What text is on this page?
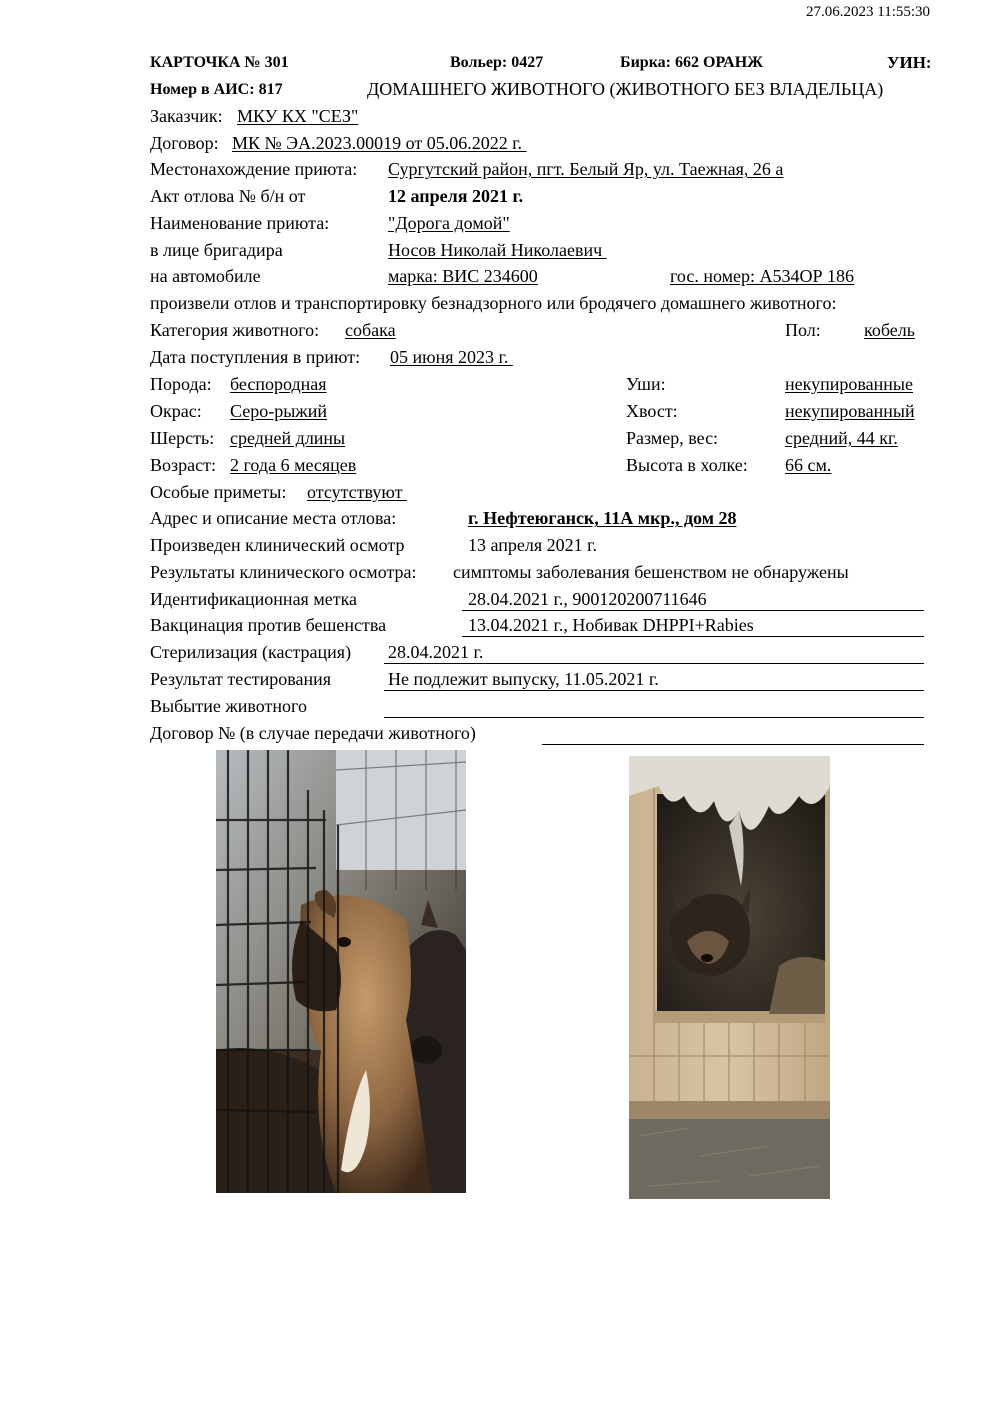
27.06.2023 11:55:30
КАРТОЧКА № 301	Вольер: 0427	Бирка: 662 ОРАНЖ	УИН:
Номер в АИС: 817	ДОМАШНЕГО ЖИВОТНОГО (ЖИВОТНОГО БЕЗ ВЛАДЕЛЬЦА)
Заказчик: МКУ КХ "СЕЗ"
Договор: МК № ЭА.2023.00019 от 05.06.2022 г.
Местонахождение приюта: Сургутский район, пгт. Белый Яр, ул. Таежная, 26 а
Акт отлова № б/н от	12 апреля 2021 г.
Наименование приюта:	"Дорога домой"
в лице бригадира	Носов Николай Николаевич
на автомобиле	марка: ВИС 234600	гос. номер: А534ОР 186
произвели отлов и транспортировку безнадзорного или бродячего домашнего животного:
Категория животного: собака	Пол: кобель
Дата поступления в приют: 05 июня 2023 г.
Порода: беспородная	Уши:	некупированные
Окрас: Серо-рыжий	Хвост:	некупированный
Шерсть: средней длины	Размер, вес:	средний, 44 кг.
Возраст: 2 года 6 месяцев	Высота в холке: 66 см.
Особые приметы: отсутствуют
Адрес и описание места отлова:	г. Нефтеюганск, 11А мкр., дом 28
Произведен клинический осмотр	13 апреля 2021 г.
Результаты клинического осмотра: симптомы заболевания бешенством не обнаружены
Идентификационная метка	28.04.2021 г., 900120200711646
Вакцинация против бешенства	13.04.2021 г., Нобивак DHPPI+Rabies
Стерилизация (кастрация) 28.04.2021 г.
Результат тестирования	Не подлежит выпуску, 11.05.2021 г.
Выбытие животного
Договор № (в случае передачи животного)
